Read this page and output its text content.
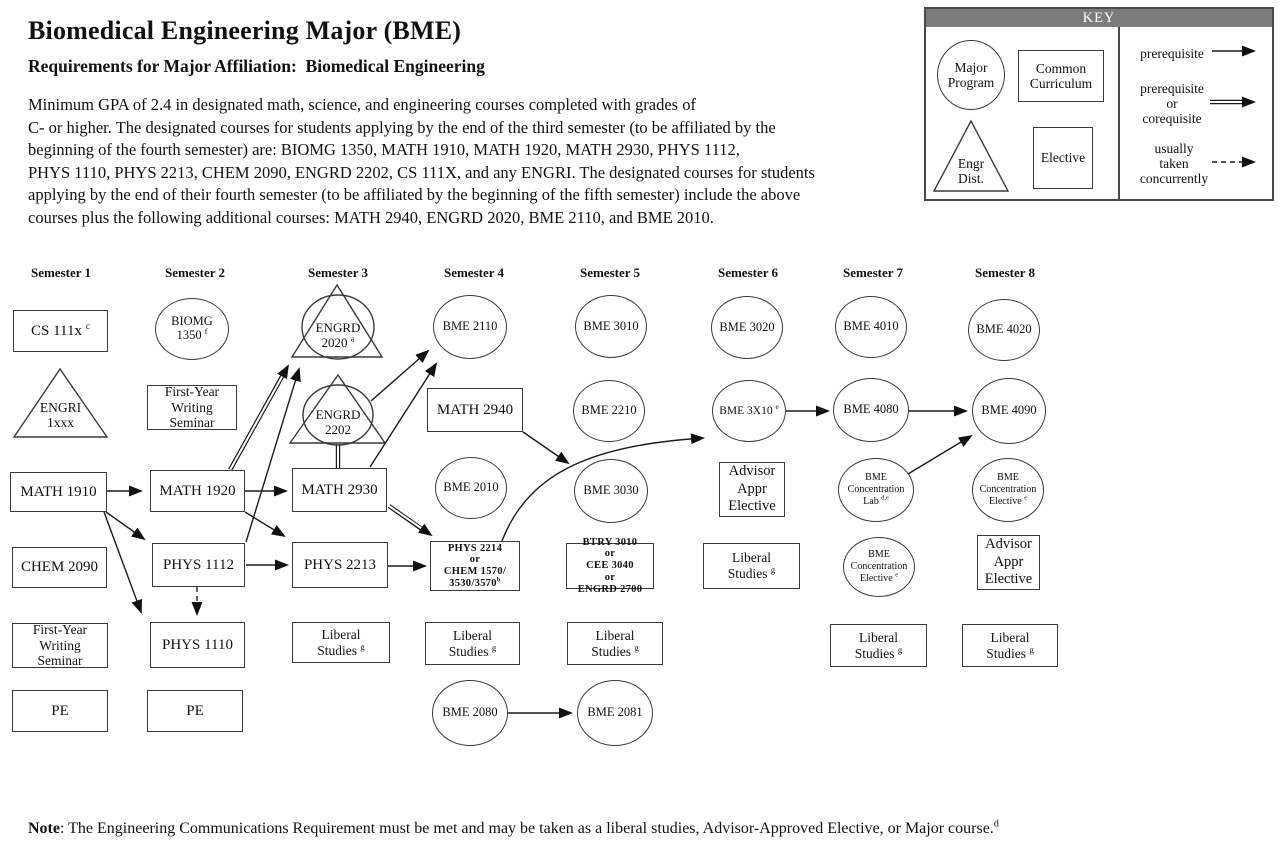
Biomedical Engineering Major (BME)
Requirements for Major Affiliation:  Biomedical Engineering
Minimum GPA of 2.4 in designated math, science, and engineering courses completed with grades of
C- or higher. The designated courses for students applying by the end of the third semester (to be affiliated by the
beginning of the fourth semester) are: BIOMG 1350, MATH 1910, MATH 1920, MATH 2930, PHYS 1112,
PHYS 1110, PHYS 2213, CHEM 2090, ENGRD 2202, CS 111X, and any ENGRI. The designated courses for students
applying by the end of their fourth semester (to be affiliated by the beginning of the fifth semester) include the above
courses plus the following additional courses: MATH 2940, ENGRD 2020, BME 2110, and BME 2010.
KEY
Major
Program
Common
Curriculum
Engr
Dist.
Elective
prerequisite
prerequisite
or
corequisite
usually
taken
concurrently
Semester 1	Semester 2	Semester 3	Semester 4	Semester 5	Semester 6	Semester 7	Semester 8
CS 111x $^c$
ENGRI
1xxx
MATH 1910
CHEM 2090
First-Year
Writing
Seminar
PE
BIOMG
1350 $^f$
First-Year
Writing
Seminar
MATH 1920
PHYS 1112
PHYS 1110
PE
ENGRD
2020 $^a$
ENGRD
2202
MATH 2930
PHYS 2213
Liberal
Studies $^g$
BME 2110
MATH 2940
BME 2010
PHYS 2214
or
CHEM 1570/
3530/3570$^b$
Liberal
Studies $^g$
BME 2080
BME 3010
BME 2210
BME 3030
BTRY 3010
or
CEE 3040
or
ENGRD 2700
Liberal
Studies $^g$
BME 2081
BME 3020
BME 3X10 $^e$
Advisor
Appr
Elective
Liberal
Studies $^g$
BME 4010
BME 4080
BME
Concentration
Lab $^{d,e}$
BME
Concentration
Elective $^e$
Liberal
Studies $^g$
BME 4020
BME 4090
BME
Concentration
Elective $^e$
Advisor
Appr
Elective
Liberal
Studies $^g$
Note: The Engineering Communications Requirement must be met and may be taken as a liberal studies, Advisor-Approved Elective, or Major course.$^d$
